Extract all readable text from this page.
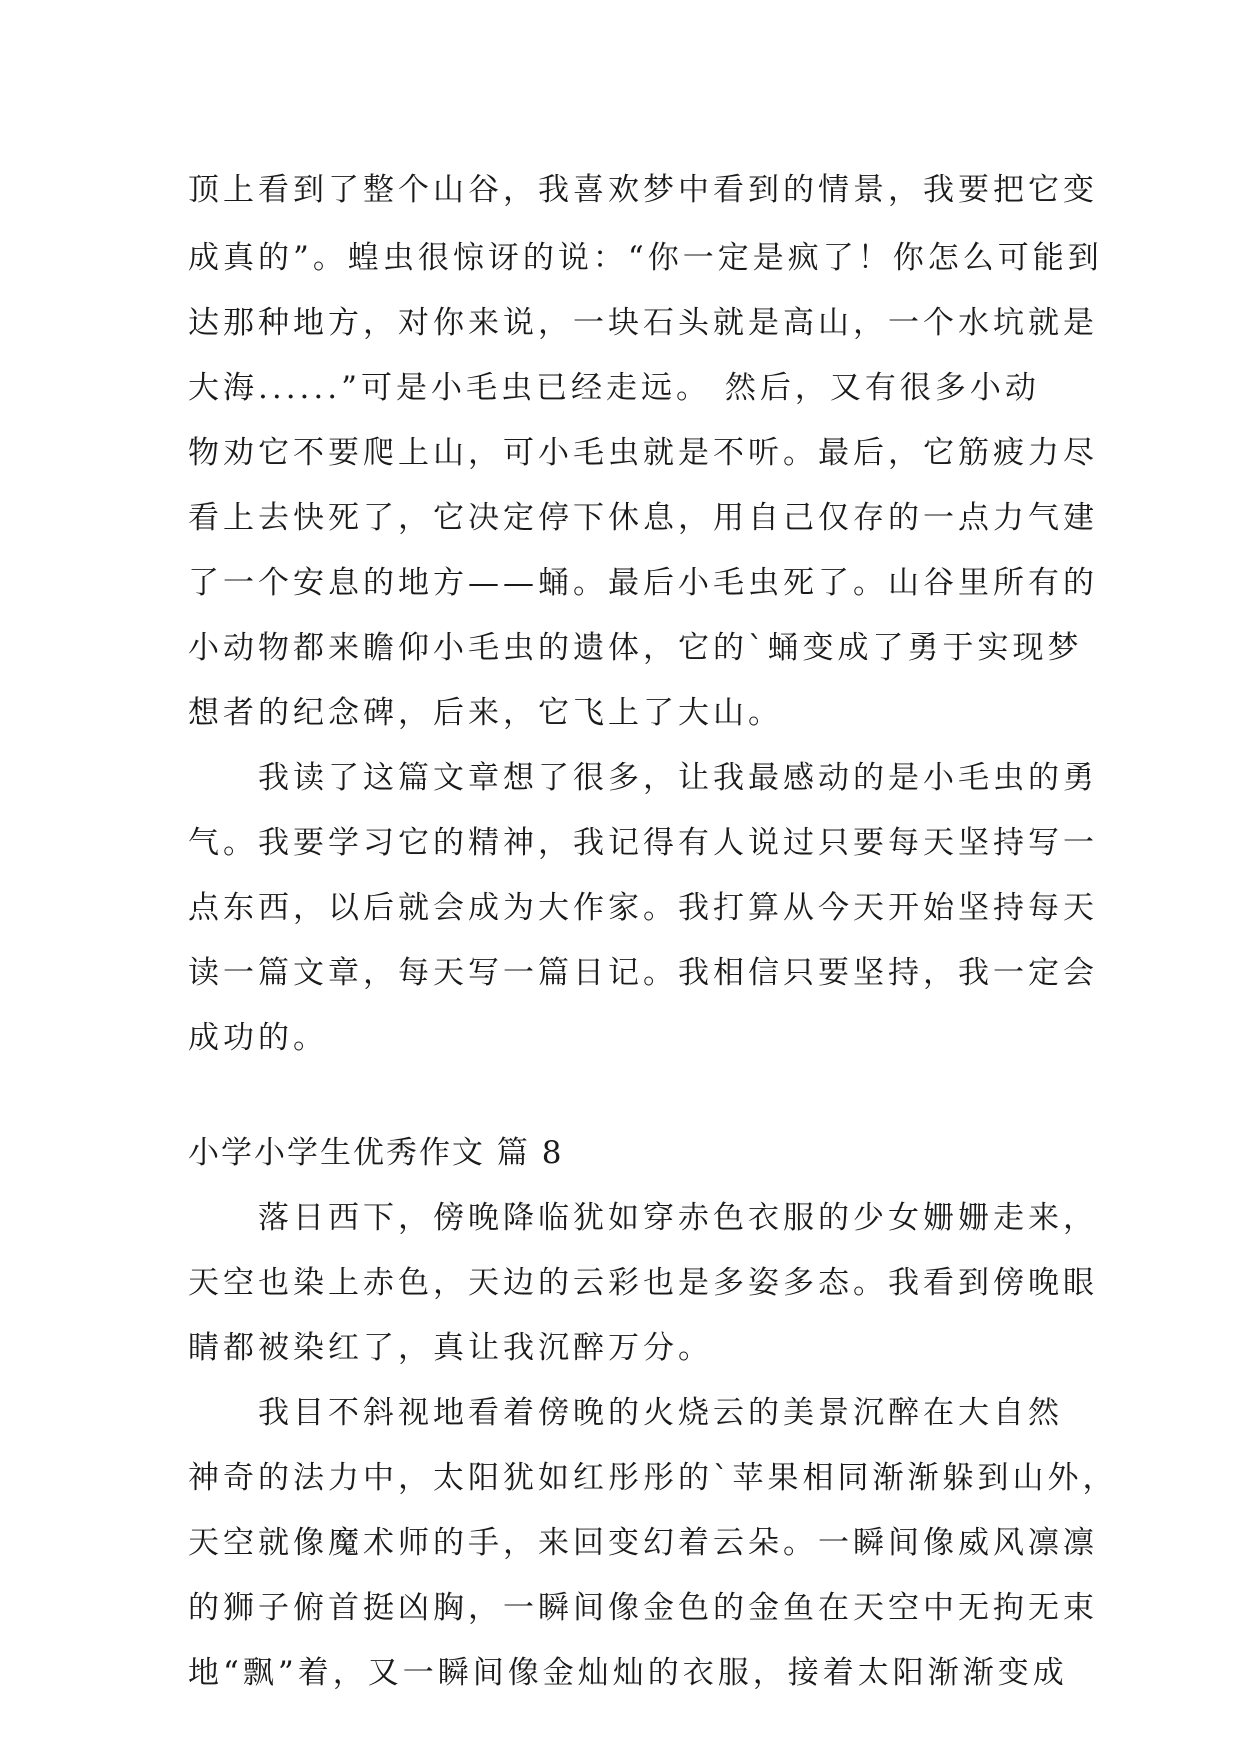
顶上看到了整个山谷，我喜欢梦中看到的情景，我要把它变
成真的”。蝗虫很惊讶的说：“你一定是疯了！你怎么可能到
达那种地方，对你来说，一块石头就是高山，一个水坑就是
大海......”可是小毛虫已经走远。 然后，又有很多小动
物劝它不要爬上山，可小毛虫就是不听。最后，它筋疲力尽
看上去快死了，它决定停下休息，用自己仅存的一点力气建
了一个安息的地方——蛹。最后小毛虫死了。山谷里所有的
小动物都来瞻仰小毛虫的遗体，它的`蛹变成了勇于实现梦
想者的纪念碑，后来，它飞上了大山。
我读了这篇文章想了很多，让我最感动的是小毛虫的勇
气。我要学习它的精神，我记得有人说过只要每天坚持写一
点东西，以后就会成为大作家。我打算从今天开始坚持每天
读一篇文章，每天写一篇日记。我相信只要坚持，我一定会
成功的。
小学小学生优秀作文 篇 8
落日西下，傍晚降临犹如穿赤色衣服的少女姗姗走来，
天空也染上赤色，天边的云彩也是多姿多态。我看到傍晚眼
睛都被染红了，真让我沉醉万分。
我目不斜视地看着傍晚的火烧云的美景沉醉在大自然
神奇的法力中，太阳犹如红彤彤的`苹果相同渐渐躲到山外，
天空就像魔术师的手，来回变幻着云朵。一瞬间像威风凛凛
的狮子俯首挺凶胸，一瞬间像金色的金鱼在天空中无拘无束
地“飘”着，又一瞬间像金灿灿的衣服，接着太阳渐渐变成
